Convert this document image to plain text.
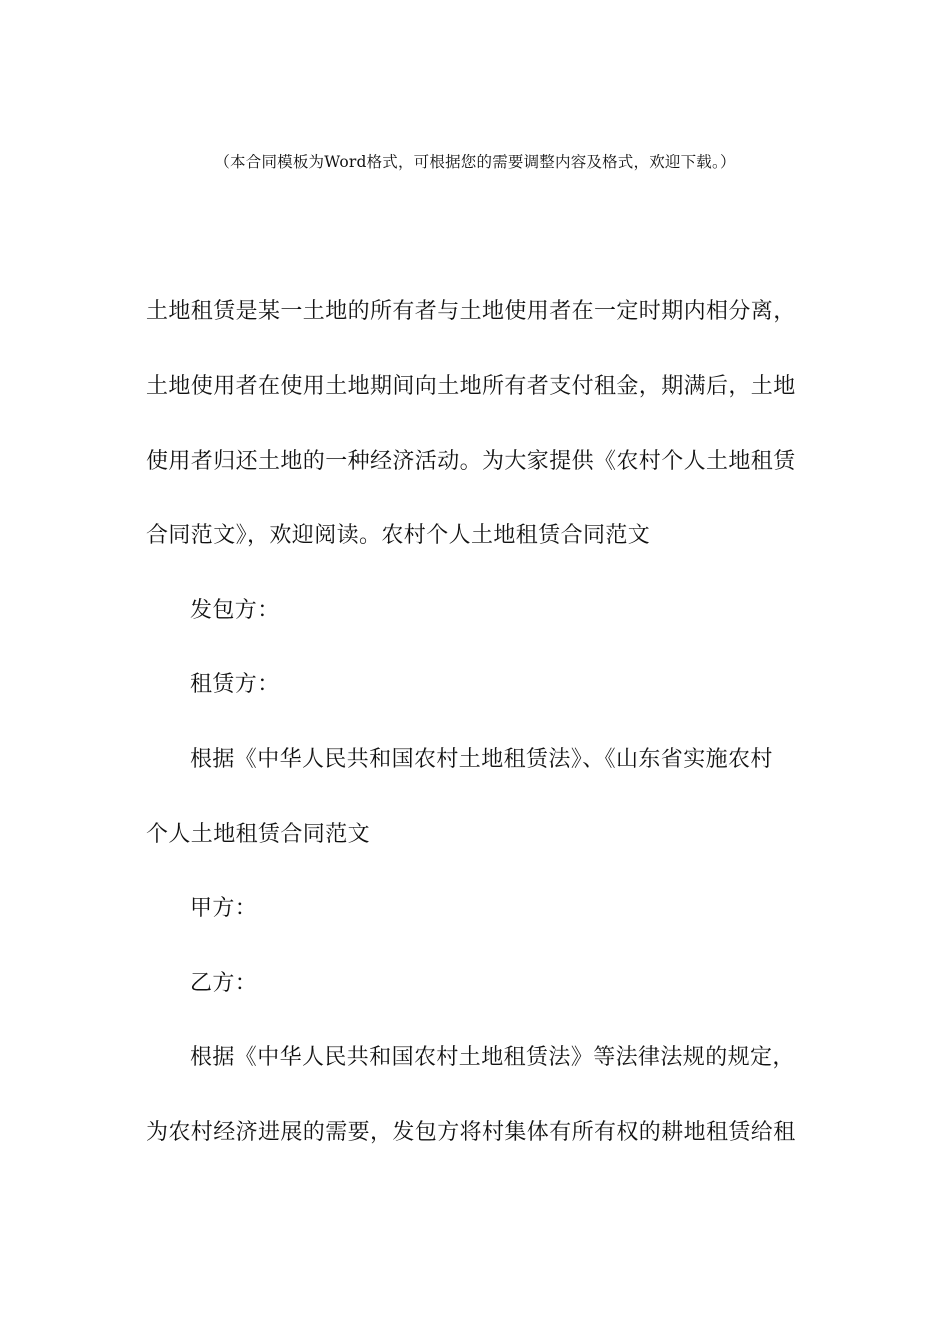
（本合同模板为Word格式，可根据您的需要调整内容及格式，欢迎下载。）
土地租赁是某一土地的所有者与土地使用者在一定时期内相分离，
土地使用者在使用土地期间向土地所有者支付租金，期满后，土地
使用者归还土地的一种经济活动。为大家提供《农村个人土地租赁
合同范文》，欢迎阅读。农村个人土地租赁合同范文
发包方：
租赁方：
根据《中华人民共和国农村土地租赁法》、《山东省实施农村
个人土地租赁合同范文
甲方：
乙方：
根据《中华人民共和国农村土地租赁法》等法律法规的规定，
为农村经济进展的需要，发包方将村集体有所有权的耕地租赁给租
